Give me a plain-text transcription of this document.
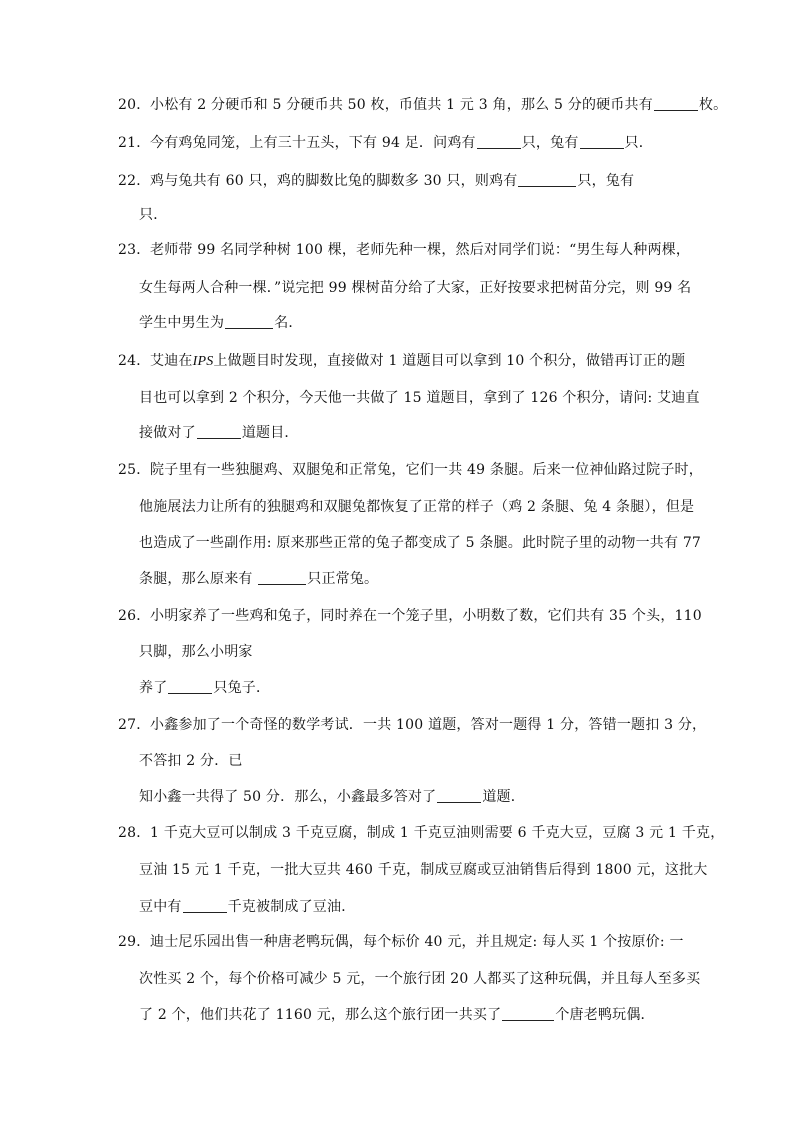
20．小松有 2 分硬币和 5 分硬币共 50 枚，币值共 1 元 3 角，那么 5 分的硬币共有	枚。
21．今有鸡兔同笼，上有三十五头，下有 94 足．问鸡有	只，兔有	只．
22．鸡与兔共有 60 只，鸡的脚数比兔的脚数多 30 只，则鸡有	只，兔有
只．
23．老师带 99 名同学种树 100 棵，老师先种一棵，然后对同学们说：“男生每人种两棵，
女生每两人合种一棵．”说完把 99 棵树苗分给了大家，正好按要求把树苗分完，则 99 名
学生中男生为	名．
24．艾迪在IPS上做题目时发现，直接做对 1 道题目可以拿到 10 个积分，做错再订正的题
目也可以拿到 2 个积分，今天他一共做了 15 道题目，拿到了 126 个积分，请问: 艾迪直
接做对了	道题目．
25．院子里有一些独腿鸡、双腿兔和正常兔，它们一共 49 条腿。后来一位神仙路过院子时，
他施展法力让所有的独腿鸡和双腿兔都恢复了正常的样子（鸡 2 条腿、兔 4 条腿），但是
也造成了一些副作用: 原来那些正常的兔子都变成了 5 条腿。此时院子里的动物一共有 77
条腿，那么原来有	只正常兔。
26．小明家养了一些鸡和兔子，同时养在一个笼子里，小明数了数，它们共有 35 个头，110
只脚，那么小明家
养了	只兔子．
27．小鑫参加了一个奇怪的数学考试．一共 100 道题，答对一题得 1 分，答错一题扣 3 分，
不答扣 2 分．已
知小鑫一共得了 50 分．那么，小鑫最多答对了	道题．
28．1 千克大豆可以制成 3 千克豆腐，制成 1 千克豆油则需要 6 千克大豆，豆腐 3 元 1 千克，
豆油 15 元 1 千克，一批大豆共 460 千克，制成豆腐或豆油销售后得到 1800 元，这批大
豆中有	千克被制成了豆油．
29．迪士尼乐园出售一种唐老鸭玩偶，每个标价 40 元，并且规定: 每人买 1 个按原价: 一
次性买 2 个，每个价格可减少 5 元，一个旅行团 20 人都买了这种玩偶，并且每人至多买
了 2 个，他们共花了 1160 元，那么这个旅行团一共买了	个唐老鸭玩偶．
